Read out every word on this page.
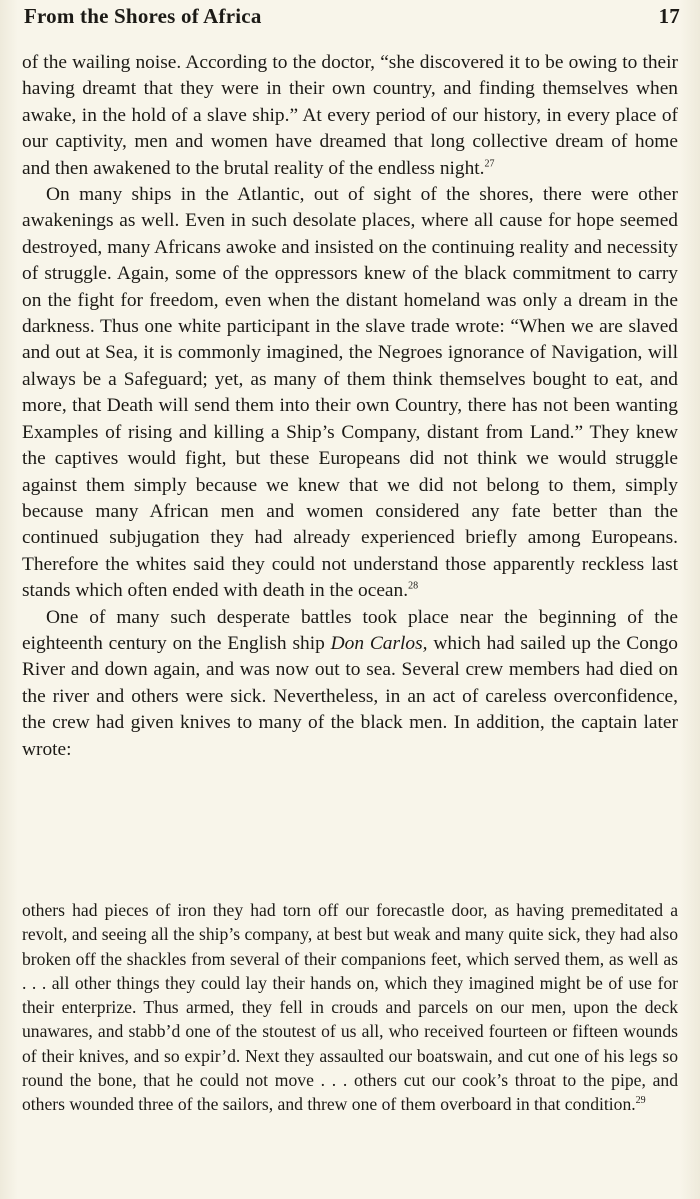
From the Shores of Africa	17

of the wailing noise. According to the doctor, “she discovered it to be owing to their having dreamt that they were in their own country, and finding themselves when awake, in the hold of a slave ship.” At every period of our history, in every place of our captivity, men and women have dreamed that long collective dream of home and then awakened to the brutal reality of the endless night.$^{27}$

On many ships in the Atlantic, out of sight of the shores, there were other awakenings as well. Even in such desolate places, where all cause for hope seemed destroyed, many Africans awoke and insisted on the continuing reality and necessity of struggle. Again, some of the oppressors knew of the black commitment to carry on the fight for freedom, even when the distant homeland was only a dream in the darkness. Thus one white participant in the slave trade wrote: “When we are slaved and out at Sea, it is commonly imagined, the Negroes ignorance of Navigation, will always be a Safeguard; yet, as many of them think themselves bought to eat, and more, that Death will send them into their own Country, there has not been wanting Examples of rising and killing a Ship’s Company, distant from Land.” They knew the captives would fight, but these Europeans did not think we would struggle against them simply because we knew that we did not belong to them, simply because many African men and women considered any fate better than the continued subjugation they had already experienced briefly among Europeans. Therefore the whites said they could not understand those apparently reckless last stands which often ended with death in the ocean.$^{28}$

One of many such desperate battles took place near the beginning of the eighteenth century on the English ship Don Carlos, which had sailed up the Congo River and down again, and was now out to sea. Several crew members had died on the river and others were sick. Nevertheless, in an act of careless overconfidence, the crew had given knives to many of the black men. In addition, the captain later wrote:

others had pieces of iron they had torn off our forecastle door, as having premeditated a revolt, and seeing all the ship’s company, at best but weak and many quite sick, they had also broken off the shackles from several of their companions feet, which served them, as well as . . . all other things they could lay their hands on, which they imagined might be of use for their enterprize. Thus armed, they fell in crouds and parcels on our men, upon the deck unawares, and stabb’d one of the stoutest of us all, who received fourteen or fifteen wounds of their knives, and so expir’d. Next they assaulted our boatswain, and cut one of his legs so round the bone, that he could not move . . . others cut our cook’s throat to the pipe, and others wounded three of the sailors, and threw one of them overboard in that condition.$^{29}$
